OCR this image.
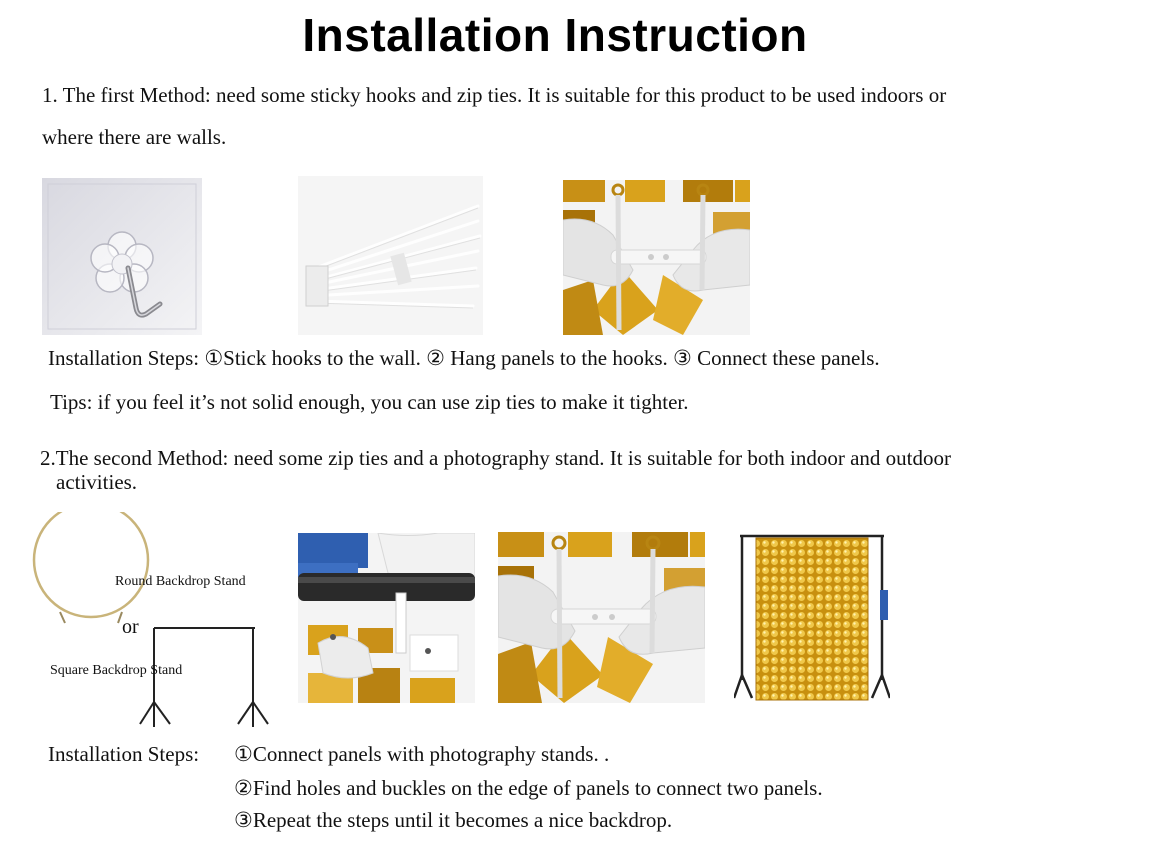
Installation Instruction
1. The first Method: need some sticky hooks and zip ties. It is suitable for this product to be used indoors or
where there are walls.
Installation Steps: ①Stick hooks to the wall. ② Hang panels to the hooks. ③ Connect these panels.
Tips: if you feel it’s not solid enough, you can use zip ties to make it tighter.
2.The second Method: need some zip ties and a photography stand. It is suitable for both indoor and outdoor
activities.
Round Backdrop Stand
or
Square Backdrop Stand
Installation Steps: ①Connect panels with photography stands. .
②Find holes and buckles on the edge of panels to connect two panels.
③Repeat the steps until it becomes a nice backdrop.
